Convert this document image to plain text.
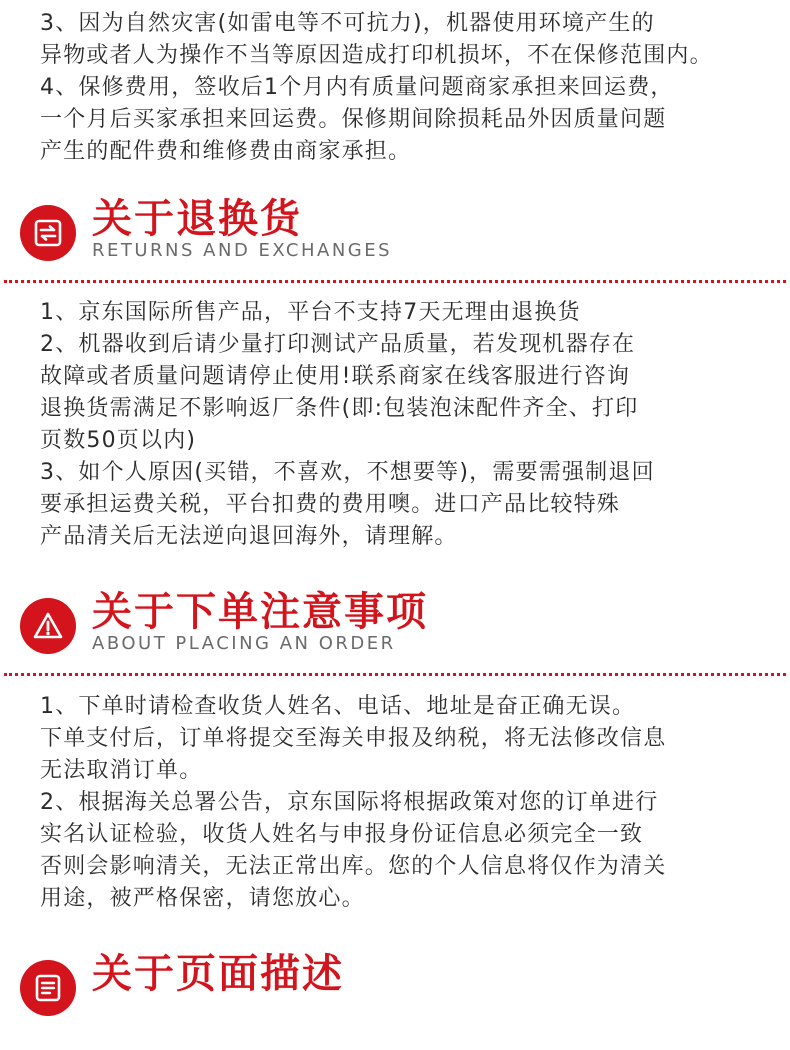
3、因为自然灾害(如雷电等不可抗力)，机器使用环境产生的
异物或者人为操作不当等原因造成打印机损坏，不在保修范围内。
4、保修费用，签收后1个月内有质量问题商家承担来回运费，
一个月后买家承担来回运费。保修期间除损耗品外因质量问题
产生的配件费和维修费由商家承担。
关于退换货
RETURNS AND EXCHANGES
1、京东国际所售产品，平台不支持7天无理由退换货
2、机器收到后请少量打印测试产品质量，若发现机器存在
故障或者质量问题请停止使用!联系商家在线客服进行咨询
退换货需满足不影响返厂条件(即:包装泡沫配件齐全、打印
页数50页以内)
3、如个人原因(买错，不喜欢，不想要等)，需要需强制退回
要承担运费关税，平台扣费的费用噢。进口产品比较特殊
产品清关后无法逆向退回海外，请理解。
关于下单注意事项
ABOUT PLACING AN ORDER
1、下单时请检查收货人姓名、电话、地址是奋正确无误。
下单支付后，订单将提交至海关申报及纳税，将无法修改信息
无法取消订单。
2、根据海关总署公告，京东国际将根据政策对您的订单进行
实名认证检验，收货人姓名与申报身份证信息必须完全一致
否则会影响清关，无法正常出库。您的个人信息将仅作为清关
用途，被严格保密，请您放心。
关于页面描述
